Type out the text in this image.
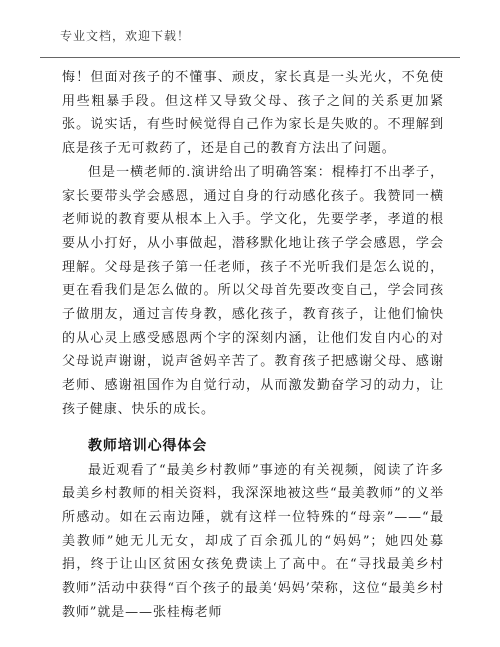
专业文档，欢迎下载！

悔！但面对孩子的不懂事、顽皮，家长真是一头光火，不免使用些粗暴手段。但这样又导致父母、孩子之间的关系更加紧张。说实话，有些时候觉得自己作为家长是失败的。不理解到底是孩子无可救药了，还是自己的教育方法出了问题。

但是一横老师的.演讲给出了明确答案：棍棒打不出孝子，家长要带头学会感恩，通过自身的行动感化孩子。我赞同一横老师说的教育要从根本上入手。学文化，先要学孝，孝道的根要从小打好，从小事做起，潜移默化地让孩子学会感恩，学会理解。父母是孩子第一任老师，孩子不光听我们是怎么说的，更在看我们是怎么做的。所以父母首先要改变自己，学会同孩子做朋友，通过言传身教，感化孩子，教育孩子，让他们愉快的从心灵上感受感恩两个字的深刻内涵，让他们发自内心的对父母说声谢谢，说声爸妈辛苦了。教育孩子把感谢父母、感谢老师、感谢祖国作为自觉行动，从而激发勤奋学习的动力，让孩子健康、快乐的成长。

教师培训心得体会

最近观看了“最美乡村教师”事迹的有关视频，阅读了许多最美乡村教师的相关资料，我深深地被这些“最美教师”的义举所感动。如在云南边陲，就有这样一位特殊的“母亲”——“最美教师”她无儿无女，却成了百余孤儿的“妈妈”；她四处募捐，终于让山区贫困女孩免费读上了高中。在“寻找最美乡村教师”活动中获得“百个孩子的最美‘妈妈’荣称，这位“最美乡村教师”就是——张桂梅老师
